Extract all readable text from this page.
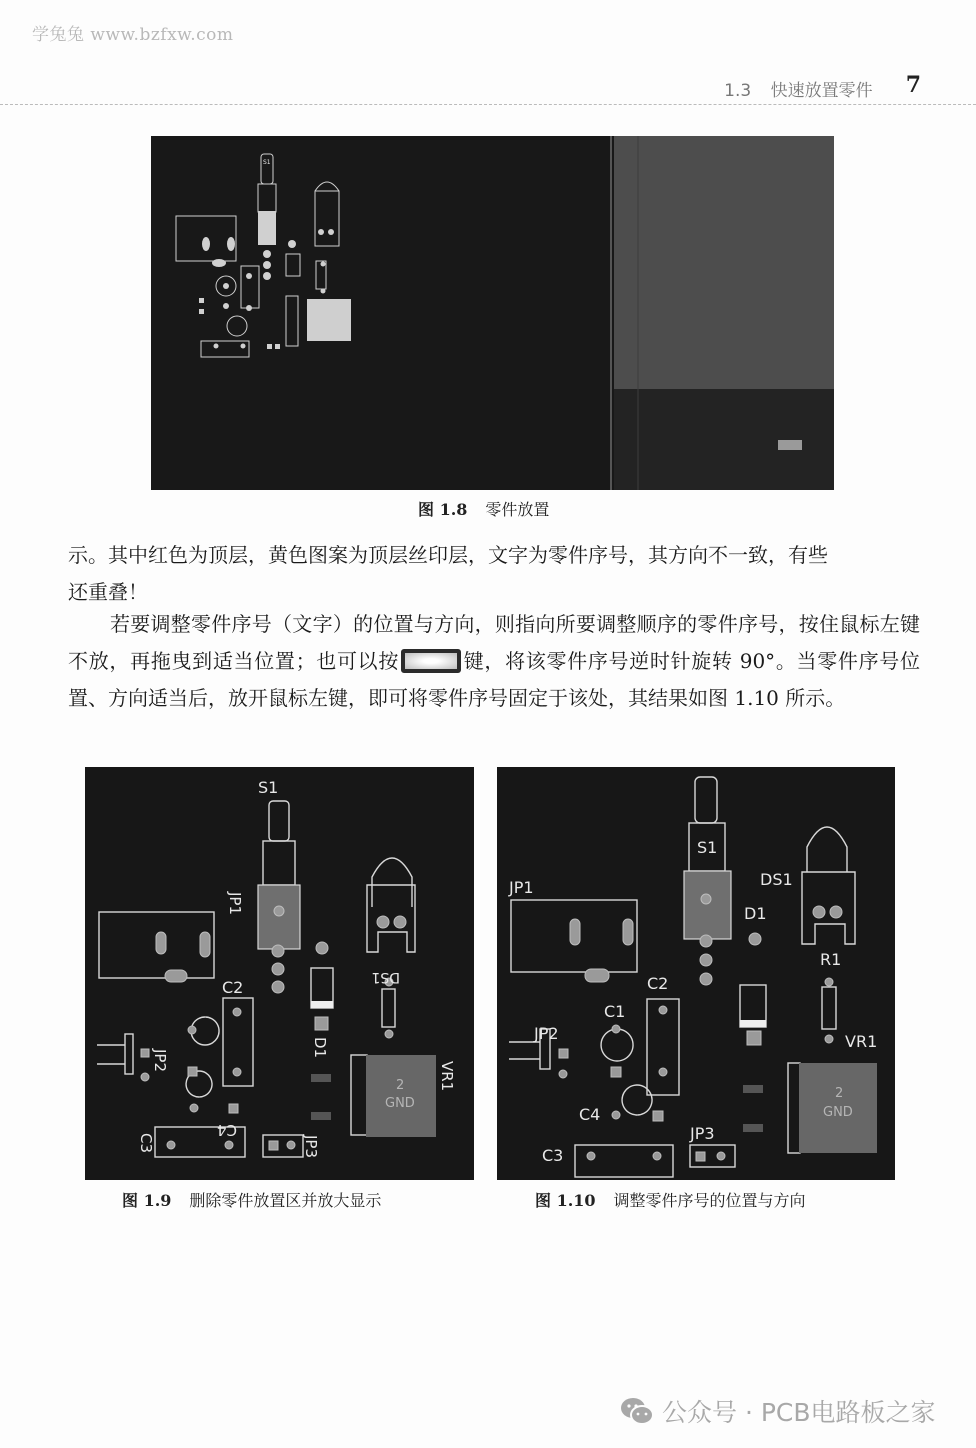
学兔兔 www.bzfxw.com
1.3 快速放置零件	7
S1
图 1.8 零件放置
示。其中红色为顶层，黄色图案为顶层丝印层，文字为零件序号，其方向不一致，有些
还重叠！
若要调整零件序号（文字）的位置与方向，则指向所要调整顺序的零件序号，按住鼠标左键不放，再拖曳到适当位置；也可以按	键，将该零件序号逆时针旋转 90°。当零件序号位置、方向适当后，放开鼠标左键，即可将零件序号固定于该处，其结果如图 1.10 所示。
S1
JP1
DS1
C2
D1
JP2
VR1
C4
C3	JP3
2
GND
图 1.9 删除零件放置区并放大显示
S1
JP1	DS1
D1
R1
C2
C1
JP2	VR1
C4
JP3
C3
2
GND
图 1.10 调整零件序号的位置与方向
公众号 · PCB电路板之家
